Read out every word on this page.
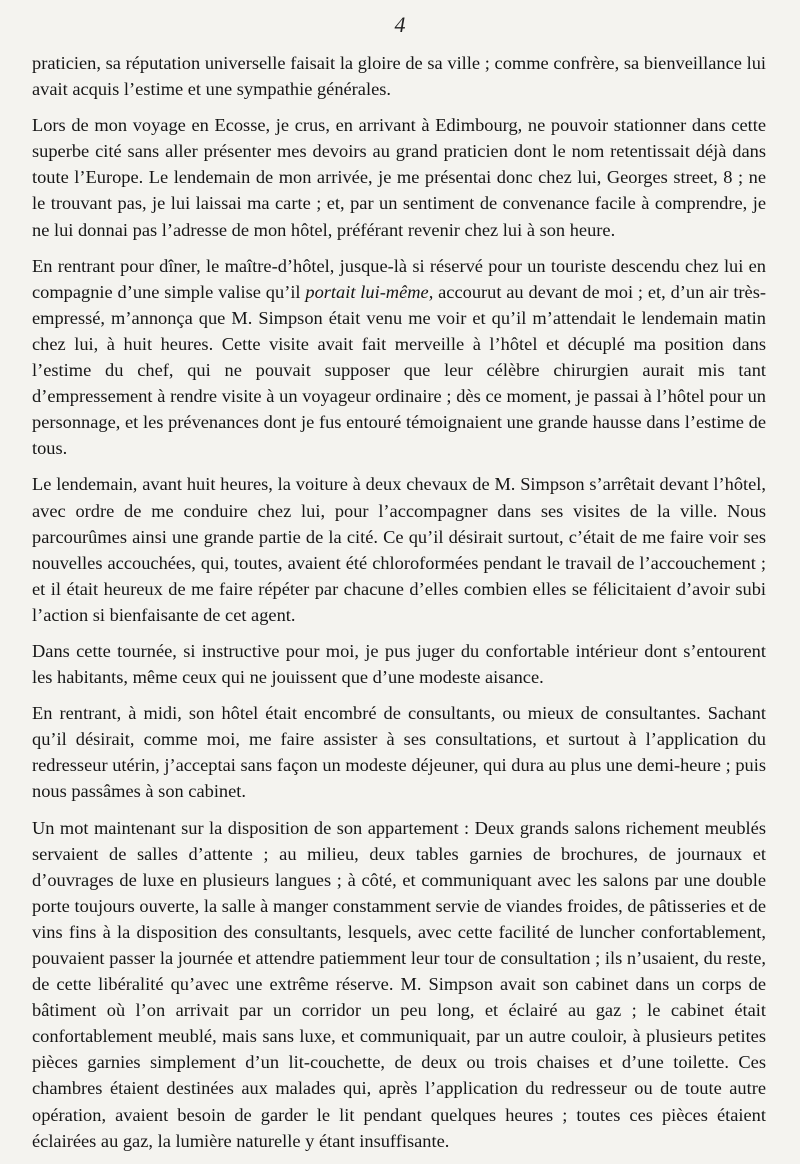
4

praticien, sa réputation universelle faisait la gloire de sa ville ; comme confrère, sa bienveillance lui avait acquis l’estime et une sympathie générales.

Lors de mon voyage en Ecosse, je crus, en arrivant à Edimbourg, ne pouvoir stationner dans cette superbe cité sans aller présenter mes devoirs au grand praticien dont le nom retentissait déjà dans toute l’Europe. Le lendemain de mon arrivée, je me présentai donc chez lui, Georges street, 8 ; ne le trouvant pas, je lui laissai ma carte ; et, par un sentiment de convenance facile à comprendre, je ne lui donnai pas l’adresse de mon hôtel, préférant revenir chez lui à son heure.

En rentrant pour dîner, le maître-d’hôtel, jusque-là si réservé pour un touriste descendu chez lui en compagnie d’une simple valise qu’il portait lui-même, accourut au devant de moi ; et, d’un air très-empressé, m’annonça que M. Simpson était venu me voir et qu’il m’attendait le lendemain matin chez lui, à huit heures. Cette visite avait fait merveille à l’hôtel et décuplé ma position dans l’estime du chef, qui ne pouvait supposer que leur célèbre chirurgien aurait mis tant d’empressement à rendre visite à un voyageur ordinaire ; dès ce moment, je passai à l’hôtel pour un personnage, et les prévenances dont je fus entouré témoignaient une grande hausse dans l’estime de tous.

Le lendemain, avant huit heures, la voiture à deux chevaux de M. Simpson s’arrêtait devant l’hôtel, avec ordre de me conduire chez lui, pour l’accompagner dans ses visites de la ville. Nous parcourûmes ainsi une grande partie de la cité. Ce qu’il désirait surtout, c’était de me faire voir ses nouvelles accouchées, qui, toutes, avaient été chloroformées pendant le travail de l’accouchement ; et il était heureux de me faire répéter par chacune d’elles combien elles se félicitaient d’avoir subi l’action si bienfaisante de cet agent.

Dans cette tournée, si instructive pour moi, je pus juger du confortable intérieur dont s’entourent les habitants, même ceux qui ne jouissent que d’une modeste aisance.

En rentrant, à midi, son hôtel était encombré de consultants, ou mieux de consultantes. Sachant qu’il désirait, comme moi, me faire assister à ses consultations, et surtout à l’application du redresseur utérin, j’acceptai sans façon un modeste déjeuner, qui dura au plus une demi-heure ; puis nous passâmes à son cabinet.

Un mot maintenant sur la disposition de son appartement : Deux grands salons richement meublés servaient de salles d’attente ; au milieu, deux tables garnies de brochures, de journaux et d’ouvrages de luxe en plusieurs langues ; à côté, et communiquant avec les salons par une double porte toujours ouverte, la salle à manger constamment servie de viandes froides, de pâtisseries et de vins fins à la disposition des consultants, lesquels, avec cette facilité de luncher confortablement, pouvaient passer la journée et attendre patiemment leur tour de consultation ; ils n’usaient, du reste, de cette libéralité qu’avec une extrême réserve. M. Simpson avait son cabinet dans un corps de bâtiment où l’on arrivait par un corridor un peu long, et éclairé au gaz ; le cabinet était confortablement meublé, mais sans luxe, et communiquait, par un autre couloir, à plusieurs petites pièces garnies simplement d’un lit-couchette, de deux ou trois chaises et d’une toilette. Ces chambres étaient destinées aux malades qui, après l’application du redresseur ou de toute autre opération, avaient besoin de garder le lit pendant quelques heures ; toutes ces pièces étaient éclairées au gaz, la lumière naturelle y étant insuffisante.
